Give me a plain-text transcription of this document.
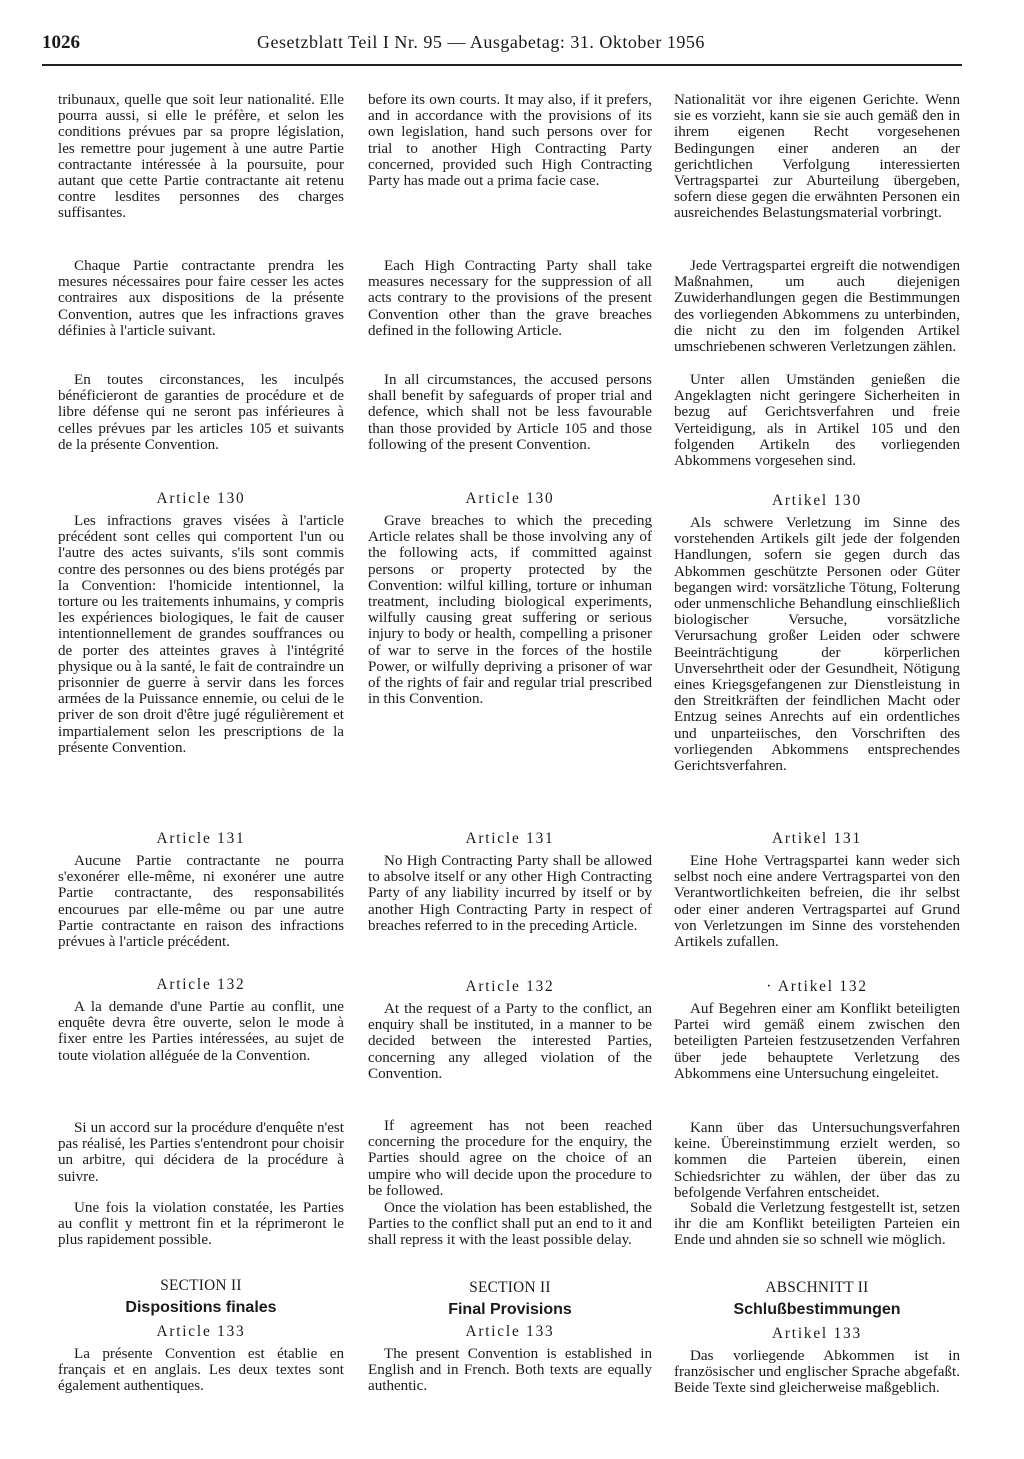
1026	Gesetzblatt Teil I Nr. 95 — Ausgabetag: 31. Oktober 1956
tribunaux, quelle que soit leur nationalité. Elle pourra aussi, si elle le préfère, et selon les conditions prévues par sa propre législation, les remettre pour jugement à une autre Partie contractante intéressée à la poursuite, pour autant que cette Partie contractante ait retenu contre lesdites personnes des charges suffisantes.
Chaque Partie contractante prendra les mesures nécessaires pour faire cesser les actes contraires aux dispositions de la présente Convention, autres que les infractions graves définies à l'article suivant.
En toutes circonstances, les inculpés bénéficieront de garanties de procédure et de libre défense qui ne seront pas inférieures à celles prévues par les articles 105 et suivants de la présente Convention.
Article 130
Les infractions graves visées à l'article précédent sont celles qui comportent l'un ou l'autre des actes suivants, s'ils sont commis contre des personnes ou des biens protégés par la Convention: l'homicide intentionnel, la torture ou les traitements inhumains, y compris les expériences biologiques, le fait de causer intentionnellement de grandes souffrances ou de porter des atteintes graves à l'intégrité physique ou à la santé, le fait de contraindre un prisonnier de guerre à servir dans les forces armées de la Puissance ennemie, ou celui de le priver de son droit d'être jugé régulièrement et impartialement selon les prescriptions de la présente Convention.
Article 131
Aucune Partie contractante ne pourra s'exonérer elle-même, ni exonérer une autre Partie contractante, des responsabilités encourues par elle-même ou par une autre Partie contractante en raison des infractions prévues à l'article précédent.
Article 132
A la demande d'une Partie au conflit, une enquête devra être ouverte, selon le mode à fixer entre les Parties intéressées, au sujet de toute violation alléguée de la Convention.
Si un accord sur la procédure d'enquête n'est pas réalisé, les Parties s'entendront pour choisir un arbitre, qui décidera de la procédure à suivre.
Une fois la violation constatée, les Parties au conflit y mettront fin et la réprimeront le plus rapidement possible.
SECTION II
Dispositions finales
Article 133
La présente Convention est établie en français et en anglais. Les deux textes sont également authentiques.
before its own courts. It may also, if it prefers, and in accordance with the provisions of its own legislation, hand such persons over for trial to another High Contracting Party concerned, provided such High Contracting Party has made out a prima facie case.
Each High Contracting Party shall take measures necessary for the suppression of all acts contrary to the provisions of the present Convention other than the grave breaches defined in the following Article.
In all circumstances, the accused persons shall benefit by safeguards of proper trial and defence, which shall not be less favourable than those provided by Article 105 and those following of the present Convention.
Article 130
Grave breaches to which the preceding Article relates shall be those involving any of the following acts, if committed against persons or property protected by the Convention: wilful killing, torture or inhuman treatment, including biological experiments, wilfully causing great suffering or serious injury to body or health, compelling a prisoner of war to serve in the forces of the hostile Power, or wilfully depriving a prisoner of war of the rights of fair and regular trial prescribed in this Convention.
Article 131
No High Contracting Party shall be allowed to absolve itself or any other High Contracting Party of any liability incurred by itself or by another High Contracting Party in respect of breaches referred to in the preceding Article.
Article 132
At the request of a Party to the conflict, an enquiry shall be instituted, in a manner to be decided between the interested Parties, concerning any alleged violation of the Convention.
If agreement has not been reached concerning the procedure for the enquiry, the Parties should agree on the choice of an umpire who will decide upon the procedure to be followed.
Once the violation has been established, the Parties to the conflict shall put an end to it and shall repress it with the least possible delay.
SECTION II
Final Provisions
Article 133
The present Convention is established in English and in French. Both texts are equally authentic.
Nationalität vor ihre eigenen Gerichte. Wenn sie es vorzieht, kann sie sie auch gemäß den in ihrem eigenen Recht vorgesehenen Bedingungen einer anderen an der gerichtlichen Verfolgung interessierten Vertragspartei zur Aburteilung übergeben, sofern diese gegen die erwähnten Personen ein ausreichendes Belastungsmaterial vorbringt.
Jede Vertragspartei ergreift die notwendigen Maßnahmen, um auch diejenigen Zuwiderhandlungen gegen die Bestimmungen des vorliegenden Abkommens zu unterbinden, die nicht zu den im folgenden Artikel umschriebenen schweren Verletzungen zählen.
Unter allen Umständen genießen die Angeklagten nicht geringere Sicherheiten in bezug auf Gerichtsverfahren und freie Verteidigung, als in Artikel 105 und den folgenden Artikeln des vorliegenden Abkommens vorgesehen sind.
Artikel 130
Als schwere Verletzung im Sinne des vorstehenden Artikels gilt jede der folgenden Handlungen, sofern sie gegen durch das Abkommen geschützte Personen oder Güter begangen wird: vorsätzliche Tötung, Folterung oder unmenschliche Behandlung einschließlich biologischer Versuche, vorsätzliche Verursachung großer Leiden oder schwere Beeinträchtigung der körperlichen Unversehrtheit oder der Gesundheit, Nötigung eines Kriegsgefangenen zur Dienstleistung in den Streitkräften der feindlichen Macht oder Entzug seines Anrechts auf ein ordentliches und unparteiisches, den Vorschriften des vorliegenden Abkommens entsprechendes Gerichtsverfahren.
Artikel 131
Eine Hohe Vertragspartei kann weder sich selbst noch eine andere Vertragspartei von den Verantwortlichkeiten befreien, die ihr selbst oder einer anderen Vertragspartei auf Grund von Verletzungen im Sinne des vorstehenden Artikels zufallen.
· Artikel 132
Auf Begehren einer am Konflikt beteiligten Partei wird gemäß einem zwischen den beteiligten Parteien festzusetzenden Verfahren über jede behauptete Verletzung des Abkommens eine Untersuchung eingeleitet.
Kann über das Untersuchungsverfahren keine. Übereinstimmung erzielt werden, so kommen die Parteien überein, einen Schiedsrichter zu wählen, der über das zu befolgende Verfahren entscheidet.
Sobald die Verletzung festgestellt ist, setzen ihr die am Konflikt beteiligten Parteien ein Ende und ahnden sie so schnell wie möglich.
ABSCHNITT II
Schlußbestimmungen
Artikel 133
Das vorliegende Abkommen ist in französischer und englischer Sprache abgefaßt. Beide Texte sind gleicherweise maßgeblich.
